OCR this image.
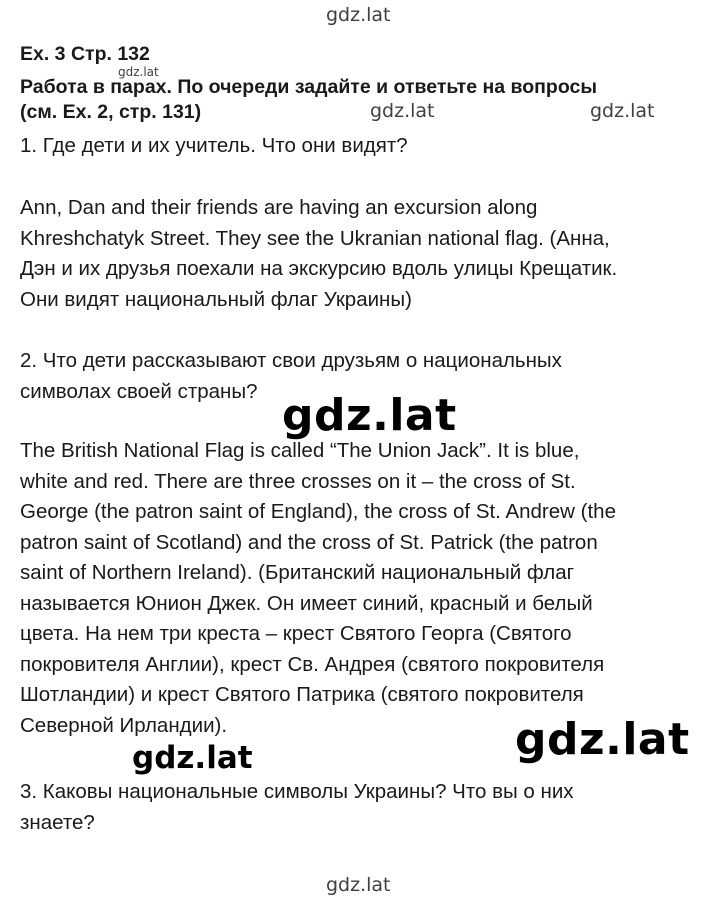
gdz.lat
Ex. 3 Стр. 132
gdz.lat
Работа в парах. По очереди задайте и ответьте на вопросы
(см. Ex. 2, стр. 131)	gdz.lat	gdz.lat

1. Где дети и их учитель. Что они видят?

Ann, Dan and their friends are having an excursion along
Khreshchatyk Street. They see the Ukranian national flag. (Анна,
Дэн и их друзья поехали на экскурсию вдоль улицы Крещатик.
Они видят национальный флаг Украины)

2. Что дети рассказывают свои друзьям о национальных
символах своей страны? gdz.lat

The British National Flag is called “The Union Jack”. It is blue,
white and red. There are three crosses on it – the cross of St.
George (the patron saint of England), the cross of St. Andrew (the
patron saint of Scotland) and the cross of St. Patrick (the patron
saint of Northern Ireland). (Британский национальный флаг
называется Юнион Джек. Он имеет синий, красный и белый
цвета. На нем три креста – крест Святого Георга (Святого
покровителя Англии), крест Св. Андрея (святого покровителя
Шотландии) и крест Святого Патрика (святого покровителя
Северной Ирландии).	gdz.lat
gdz.lat

3. Каковы национальные символы Украины? Что вы о них
знаете?

gdz.lat
